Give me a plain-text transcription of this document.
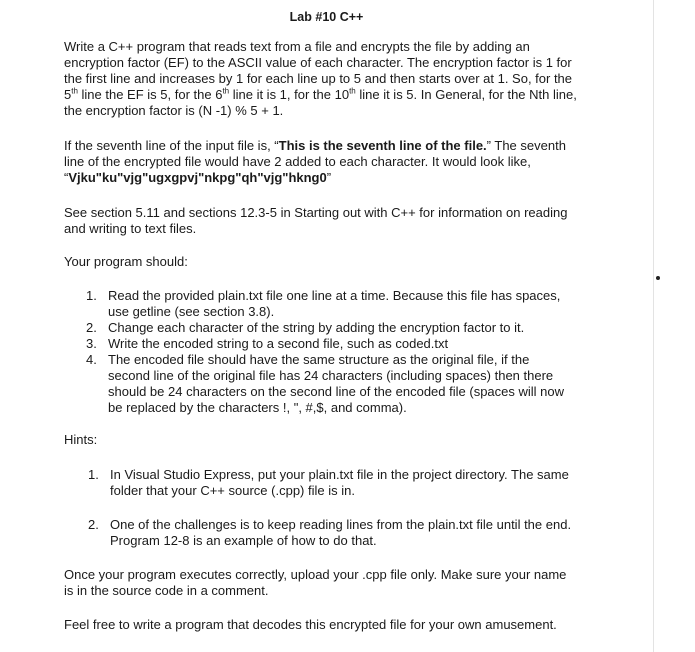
Lab #10 C++

Write a C++ program that reads text from a file and encrypts the file by adding an encryption factor (EF) to the ASCII value of each character. The encryption factor is 1 for the first line and increases by 1 for each line up to 5 and then starts over at 1. So, for the 5th line the EF is 5, for the 6th line it is 1, for the 10th line it is 5. In General, for the Nth line, the encryption factor is (N -1) % 5 + 1.

If the seventh line of the input file is, “This is the seventh line of the file.” The seventh line of the encrypted file would have 2 added to each character. It would look like, “Vjku"ku"vjg"ugxgpvj"nkpg"qh"vjg"hkng0”

See section 5.11 and sections 12.3-5 in Starting out with C++ for information on reading and writing to text files.

Your program should:

1. Read the provided plain.txt file one line at a time. Because this file has spaces, use getline (see section 3.8).
2. Change each character of the string by adding the encryption factor to it.
3. Write the encoded string to a second file, such as coded.txt
4. The encoded file should have the same structure as the original file, if the second line of the original file has 24 characters (including spaces) then there should be 24 characters on the second line of the encoded file (spaces will now be replaced by the characters !, ", #,$, and comma).

Hints:

1. In Visual Studio Express, put your plain.txt file in the project directory. The same folder that your C++ source (.cpp) file is in.
2. One of the challenges is to keep reading lines from the plain.txt file until the end. Program 12-8 is an example of how to do that.

Once your program executes correctly, upload your .cpp file only. Make sure your name is in the source code in a comment.

Feel free to write a program that decodes this encrypted file for your own amusement.
